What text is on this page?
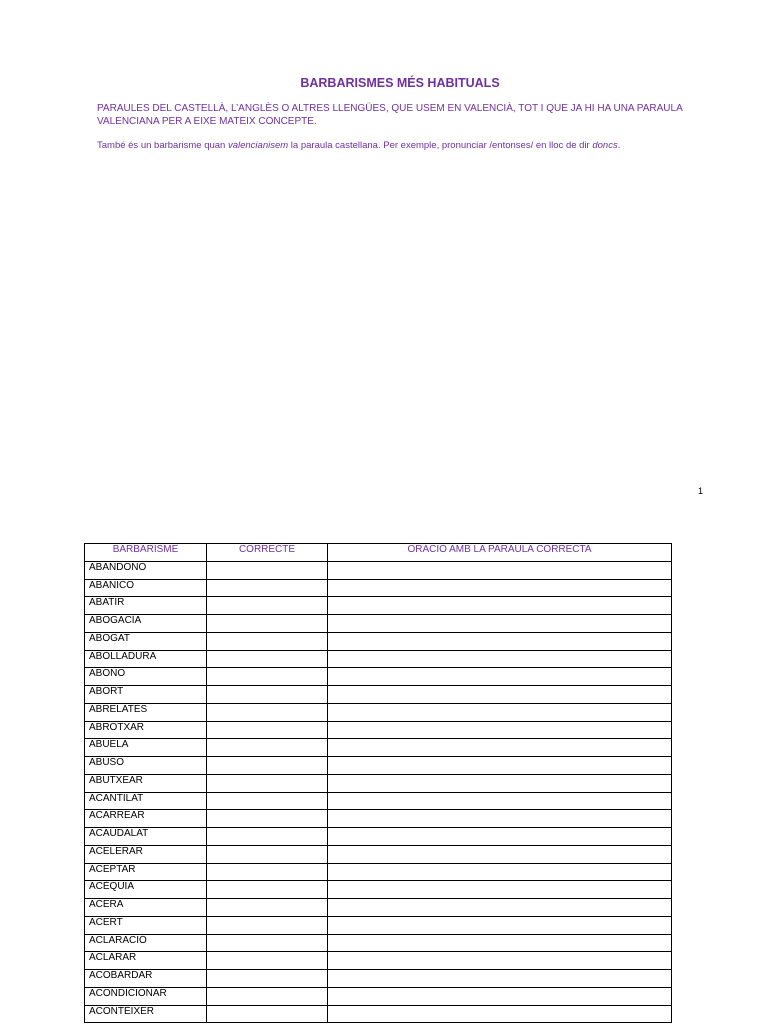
BARBARISMES MÉS HABITUALS
PARAULES DEL CASTELLÀ, L’ANGLÈS O ALTRES LLENGÜES, QUE USEM EN VALENCIÀ, TOT I QUE JA HI HA UNA PARAULA VALENCIANA PER A EIXE MATEIX CONCEPTE.
També és un barbarisme quan valencianisem la paraula castellana. Per exemple, pronunciar /entonses/ en lloc de dir doncs.
1
BARBARISME	CORRECTE	ORACIO AMB LA PARAULA CORRECTA
ABANDONO		
ABANICO		
ABATIR		
ABOGACÍA		
ABOGAT		
ABOLLADURA		
ABONO		
ABORT		
ABRELATES		
ABROTXAR		
ABUELA		
ABUSO		
ABUTXEAR		
ACANTILAT		
ACARREAR		
ACAUDALAT		
ACELERAR		
ACEPTAR		
ACÈQUIA		
ACERA		
ACERT		
ACLARACIÓ		
ACLARAR		
ACOBARDAR		
ACONDICIONAR		
ACONTÈIXER		
